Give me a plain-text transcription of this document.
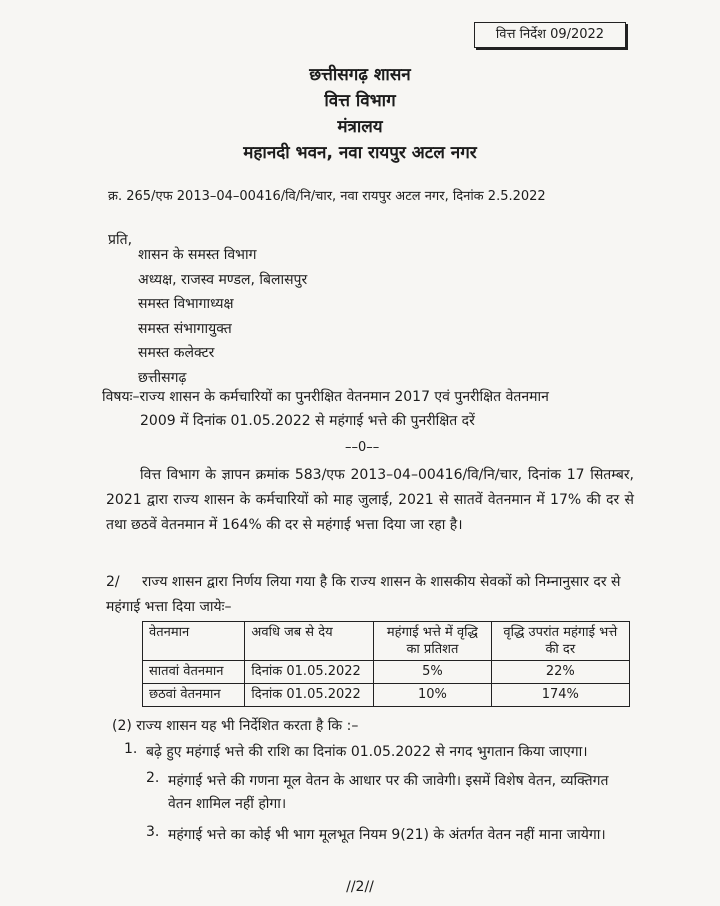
वित्त निर्देश 09/2022
छत्तीसगढ़ शासन
वित्त विभाग
मंत्रालय
महानदी भवन, नवा रायपुर अटल नगर
क्र. 265/एफ 2013–04–00416/वि/नि/चार, नवा रायपुर अटल नगर, दिनांक 2.5.2022
प्रति,
शासन के समस्त विभाग
अध्यक्ष, राजस्व मण्डल, बिलासपुर
समस्त विभागाध्यक्ष
समस्त संभागायुक्त
समस्त कलेक्टर
छत्तीसगढ़
विषयः–राज्य शासन के कर्मचारियों का पुनरीक्षित वेतनमान 2017 एवं पुनरीक्षित वेतनमान
2009 में दिनांक 01.05.2022 से महंगाई भत्ते की पुनरीक्षित दरें
––0––
वित्त विभाग के ज्ञापन क्रमांक 583/एफ 2013–04–00416/वि/नि/चार, दिनांक 17 सितम्बर, 2021 द्वारा राज्य शासन के कर्मचारियों को माह जुलाई, 2021 से सातवें वेतनमान में 17% की दर से तथा छठवें वेतनमान में 164% की दर से महंगाई भत्ता दिया जा रहा है।
2/ राज्य शासन द्वारा निर्णय लिया गया है कि राज्य शासन के शासकीय सेवकों को निम्नानुसार दर से महंगाई भत्ता दिया जायेः–
वेतनमान	अवधि जब से देय	महंगाई भत्ते में वृद्धि का प्रतिशत	वृद्धि उपरांत महंगाई भत्ते की दर
सातवां वेतनमान	दिनांक 01.05.2022	5%	22%
छठवां वेतनमान	दिनांक 01.05.2022	10%	174%
(2) राज्य शासन यह भी निर्देशित करता है कि :–
1. बढ़े हुए महंगाई भत्ते की राशि का दिनांक 01.05.2022 से नगद भुगतान किया जाएगा।
2. महंगाई भत्ते की गणना मूल वेतन के आधार पर की जावेगी। इसमें विशेष वेतन, व्यक्तिगत वेतन शामिल नहीं होगा।
3. महंगाई भत्ते का कोई भी भाग मूलभूत नियम 9(21) के अंतर्गत वेतन नहीं माना जायेगा।
//2//
